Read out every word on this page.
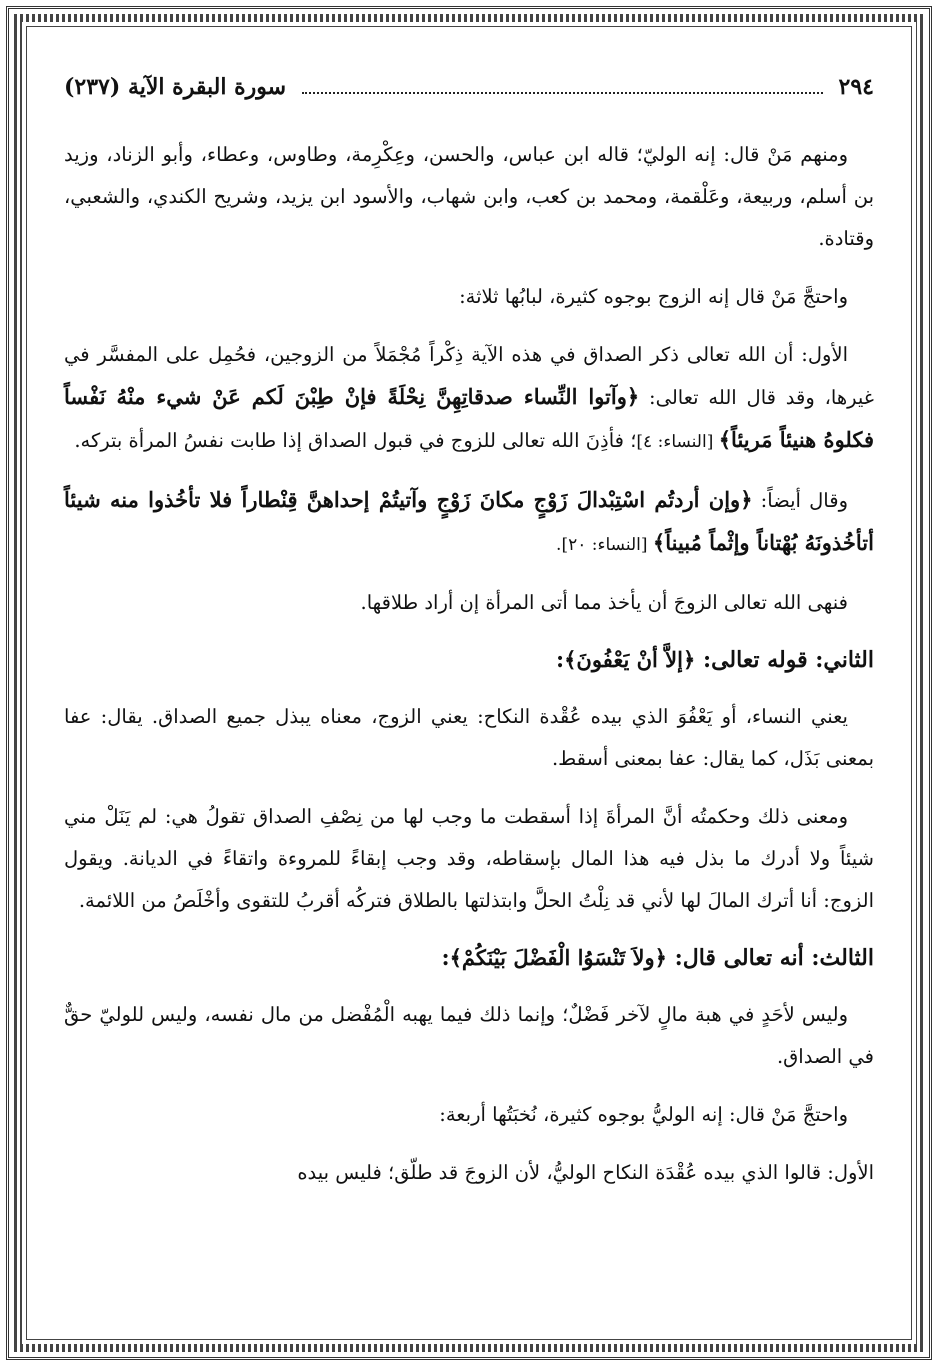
٢٩٤
سورة البقرة الآية (٢٣٧)

ومنهم مَنْ قال: إنه الوليّ؛ قاله ابن عباس، والحسن، وعِكْرِمة، وطاوس، وعطاء، وأبو الزناد، وزيد بن أسلم، وربيعة، وعَلْقمة، ومحمد بن كعب، وابن شهاب، والأسود ابن يزيد، وشريح الكندي، والشعبي، وقتادة.

واحتجَّ مَنْ قال إنه الزوج بوجوه كثيرة، لبابُها ثلاثة:

الأول: أن الله تعالى ذكر الصداق في هذه الآية ذِكْراً مُجْمَلاً من الزوجين، فحُمِل على المفسَّر في غيرها، وقد قال الله تعالى: ﴿وآتوا النِّساء صدقاتِهِنَّ نِحْلَةً فإنْ طِبْنَ لَكم عَنْ شيء منْهُ نَفْساً فكلوهُ هنيئاً مَريئاً﴾ [النساء: ٤]؛ فأذِنَ الله تعالى للزوج في قبول الصداق إذا طابت نفسُ المرأة بتركه.

وقال أيضاً: ﴿وإن أردتُم اسْتِبْدالَ زَوْجٍ مكانَ زَوْجٍ وآتيتُمْ إحداهنَّ قِنْطاراً فلا تأخُذوا منه شيئاً أتأخُذونَهُ بُهْتاناً وإثْماً مُبيناً﴾ [النساء: ٢٠].

فنهى الله تعالى الزوجَ أن يأخذ مما أتى المرأة إن أراد طلاقها.

الثاني: قوله تعالى: ﴿إلاَّ أنْ يَعْفُونَ﴾:

يعني النساء، أو يَعْفُوَ الذي بيده عُقْدة النكاح: يعني الزوج، معناه يبذل جميع الصداق. يقال: عفا بمعنى بَذَل، كما يقال: عفا بمعنى أسقط.

ومعنى ذلك وحكمتُه أنَّ المرأةَ إذا أسقطت ما وجب لها من نِصْفِ الصداق تقولُ هي: لم يَنَلْ مني شيئاً ولا أدرك ما بذل فيه هذا المال بإسقاطه، وقد وجب إبقاءً للمروءة واتقاءً في الديانة. ويقول الزوج: أنا أترك المالَ لها لأني قد نِلْتُ الحلَّ وابتذلتها بالطلاق فتركُه أقربُ للتقوى وأخْلَصُ من اللائمة.

الثالث: أنه تعالى قال: ﴿ولاَ تَنْسَوُا الْفَضْلَ بَيْنَكُمْ﴾:

وليس لأحَدٍ في هبة مالٍ لآخر فَضْلٌ؛ وإنما ذلك فيما يهبه الْمُفْضل من مال نفسه، وليس للوليّ حقٌّ في الصداق.

واحتجَّ مَنْ قال: إنه الوليُّ بوجوه كثيرة، نُخبَتُها أربعة:

الأول: قالوا الذي بيده عُقْدَة النكاح الوليُّ، لأن الزوجَ قد طلّق؛ فليس بيده
